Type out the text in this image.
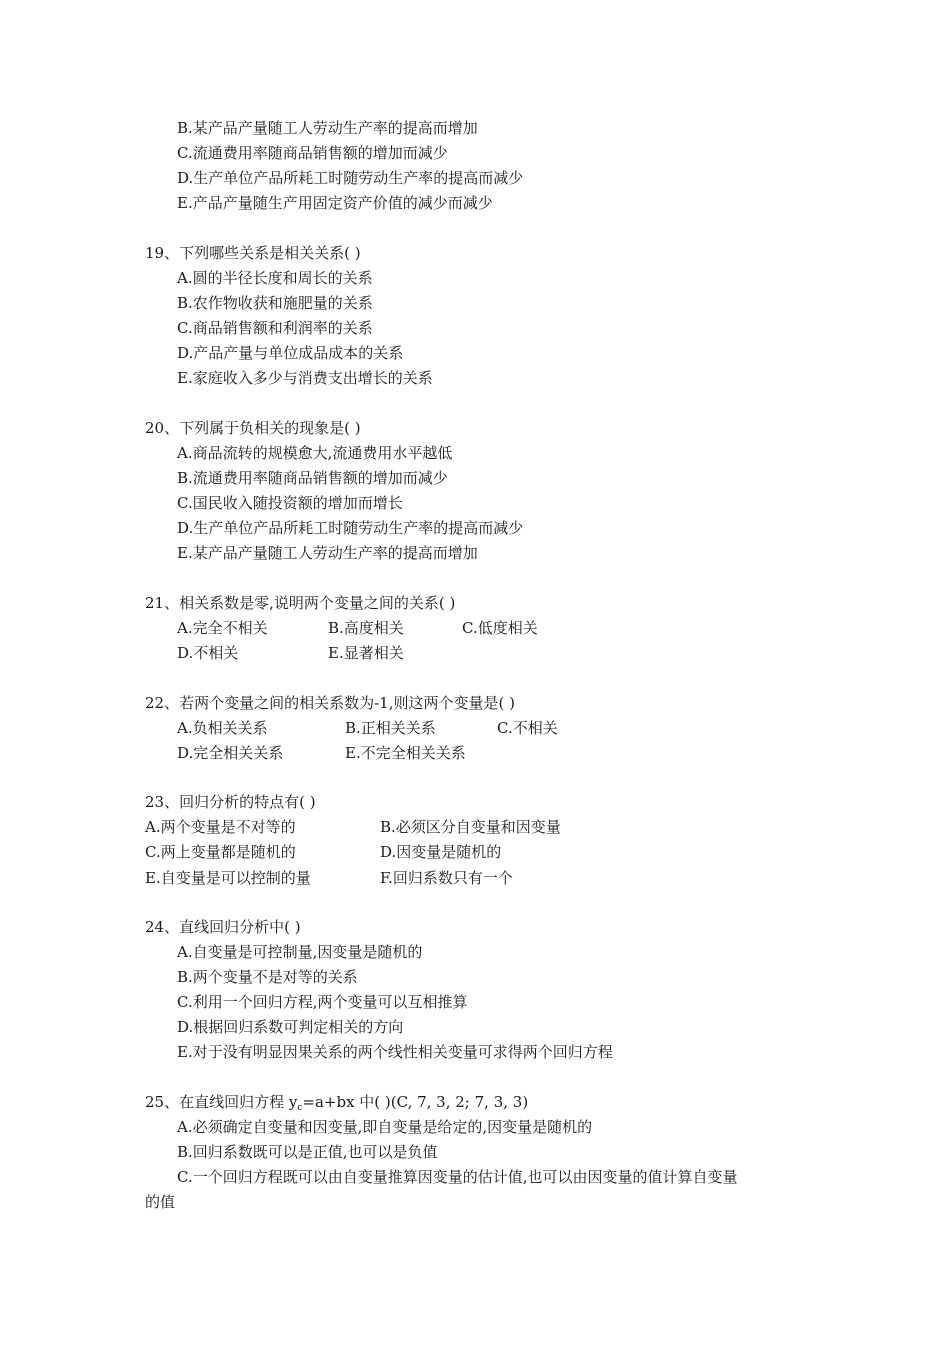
B.某产品产量随工人劳动生产率的提高而增加
C.流通费用率随商品销售额的增加而减少
D.生产单位产品所耗工时随劳动生产率的提高而减少
E.产品产量随生产用固定资产价值的减少而减少
19、下列哪些关系是相关关系( )
A.圆的半径长度和周长的关系
B.农作物收获和施肥量的关系
C.商品销售额和利润率的关系
D.产品产量与单位成品成本的关系
E.家庭收入多少与消费支出增长的关系
20、下列属于负相关的现象是( )
A.商品流转的规模愈大,流通费用水平越低
B.流通费用率随商品销售额的增加而减少
C.国民收入随投资额的增加而增长
D.生产单位产品所耗工时随劳动生产率的提高而减少
E.某产品产量随工人劳动生产率的提高而增加
21、相关系数是零,说明两个变量之间的关系( )
A.完全不相关	B.高度相关	C.低度相关
D.不相关	E.显著相关
22、若两个变量之间的相关系数为-1,则这两个变量是( )
A.负相关关系	B.正相关关系	C.不相关
D.完全相关关系	E.不完全相关关系
23、回归分析的特点有( )
A.两个变量是不对等的	B.必须区分自变量和因变量
C.两上变量都是随机的	D.因变量是随机的
E.自变量是可以控制的量	F.回归系数只有一个
24、直线回归分析中( )
A.自变量是可控制量,因变量是随机的
B.两个变量不是对等的关系
C.利用一个回归方程,两个变量可以互相推算
D.根据回归系数可判定相关的方向
E.对于没有明显因果关系的两个线性相关变量可求得两个回归方程
25、在直线回归方程 $y_c=a+bx$ 中( )(C, 7, 3, 2; 7, 3, 3)
A.必须确定自变量和因变量,即自变量是给定的,因变量是随机的
B.回归系数既可以是正值,也可以是负值
C.一个回归方程既可以由自变量推算因变量的估计值,也可以由因变量的值计算自变量
的值
